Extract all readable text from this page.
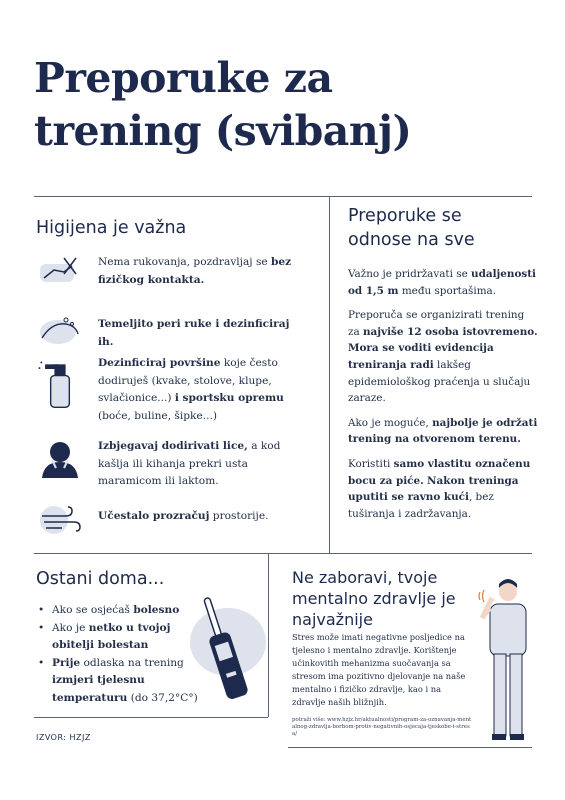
Preporuke za trening (svibanj)
Higijena je važna
Nema rukovanja, pozdravljaj se bez fizičkog kontakta.
Temeljito peri ruke i dezinficiraj ih.
Dezinficiraj površine koje često dodiruješ (kvake, stolove, klupe, svlačionice...) i sportsku opremu (boće, buline, šipke...)
Izbjegavaj dodirivati lice, a kod kašlja ili kihanja prekri usta maramicom ili laktom.
Učestalo prozračuj prostorije.
Preporuke se
odnose na sve

Važno je pridržavati se udaljenosti od 1,5 m među sportašima.

Preporuča se organizirati trening za najviše 12 osoba istovremeno. Mora se voditi evidencija treniranja radi lakšeg epidemiološkog praćenja u slučaju zaraze.

Ako je moguće, najbolje je održati trening na otvorenom terenu.

Koristiti samo vlastitu označenu bocu za piće. Nakon treninga uputiti se ravno kući, bez tuširanja i zadržavanja.

Ostani doma...
• Ako se osjećaš bolesno
• Ako je netko u tvojoj obitelji bolestan
• Prije odlaska na trening izmjeri tjelesnu temperaturu (do 37,2°C°)
IZVOR: HZJZ
Ne zaboravi, tvoje
mentalno zdravlje je
najvažnije
Stres može imati negativne posljedice na tjelesno i mentalno zdravlje. Korištenje učinkovitih mehanizma suočavanja sa stresom ima pozitivno djelovanje na naše mentalno i fizičko zdravlje, kao i na zdravlje naših bližnjih.
potraži više: www.hzjz.hr/aktualnosti/program-za-oznavanja-mentalnog-zdravlja-borbom-protiv-negativnih-osjecaja-tjeskobe-i-stresa/
